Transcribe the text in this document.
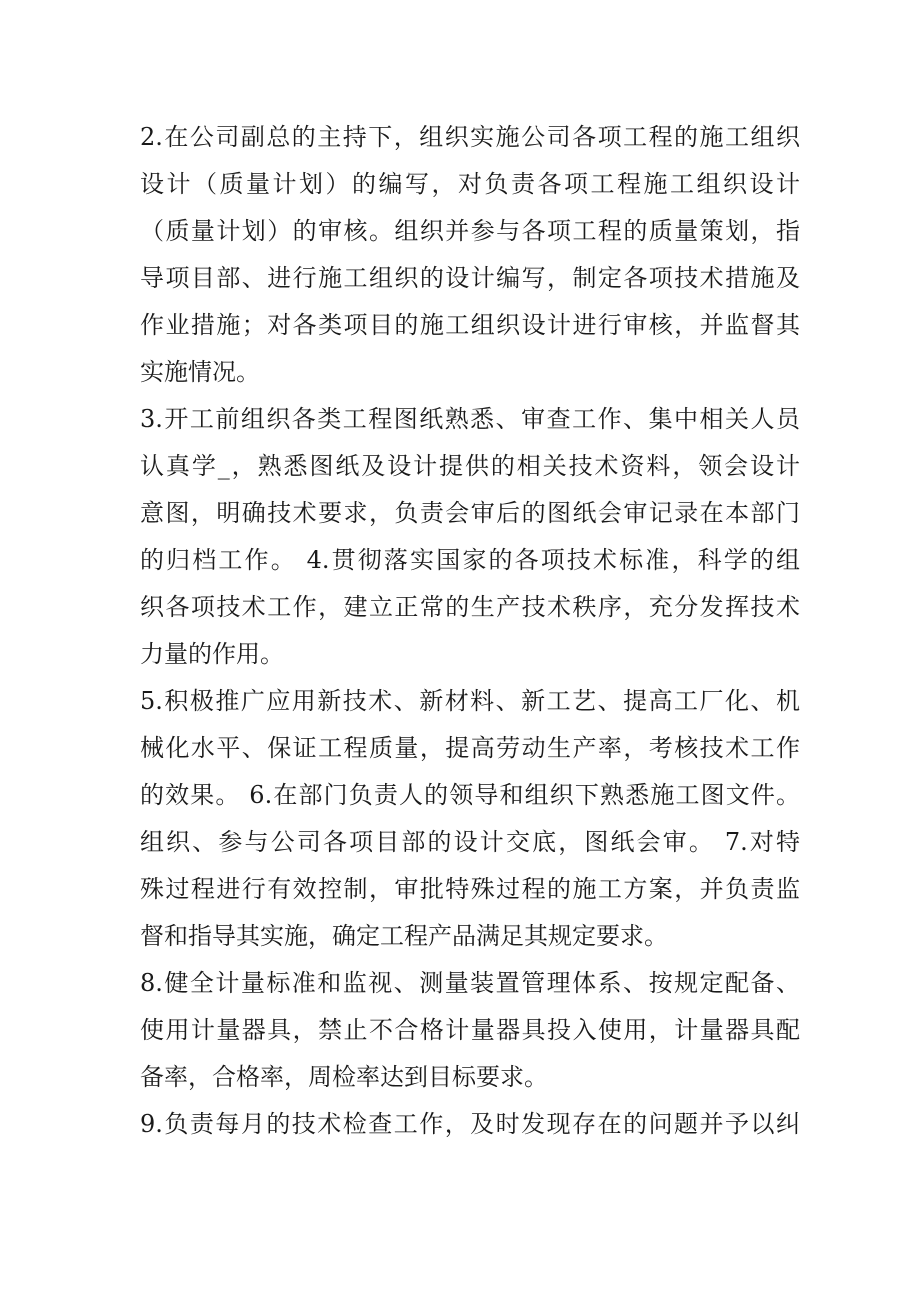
2.在公司副总的主持下，组织实施公司各项工程的施工组织
设计（质量计划）的编写，对负责各项工程施工组织设计
（质量计划）的审核。组织并参与各项工程的质量策划，指
导项目部、进行施工组织的设计编写，制定各项技术措施及
作业措施；对各类项目的施工组织设计进行审核，并监督其
实施情况。
3.开工前组织各类工程图纸熟悉、审查工作、集中相关人员
认真学_，熟悉图纸及设计提供的相关技术资料，领会设计
意图，明确技术要求，负责会审后的图纸会审记录在本部门
的归档工作。 4.贯彻落实国家的各项技术标准，科学的组
织各项技术工作，建立正常的生产技术秩序，充分发挥技术
力量的作用。
5.积极推广应用新技术、新材料、新工艺、提高工厂化、机
械化水平、保证工程质量，提高劳动生产率，考核技术工作
的效果。 6.在部门负责人的领导和组织下熟悉施工图文件。
组织、参与公司各项目部的设计交底，图纸会审。 7.对特
殊过程进行有效控制，审批特殊过程的施工方案，并负责监
督和指导其实施，确定工程产品满足其规定要求。
8.健全计量标准和监视、测量装置管理体系、按规定配备、
使用计量器具，禁止不合格计量器具投入使用，计量器具配
备率，合格率，周检率达到目标要求。
9.负责每月的技术检查工作，及时发现存在的问题并予以纠
